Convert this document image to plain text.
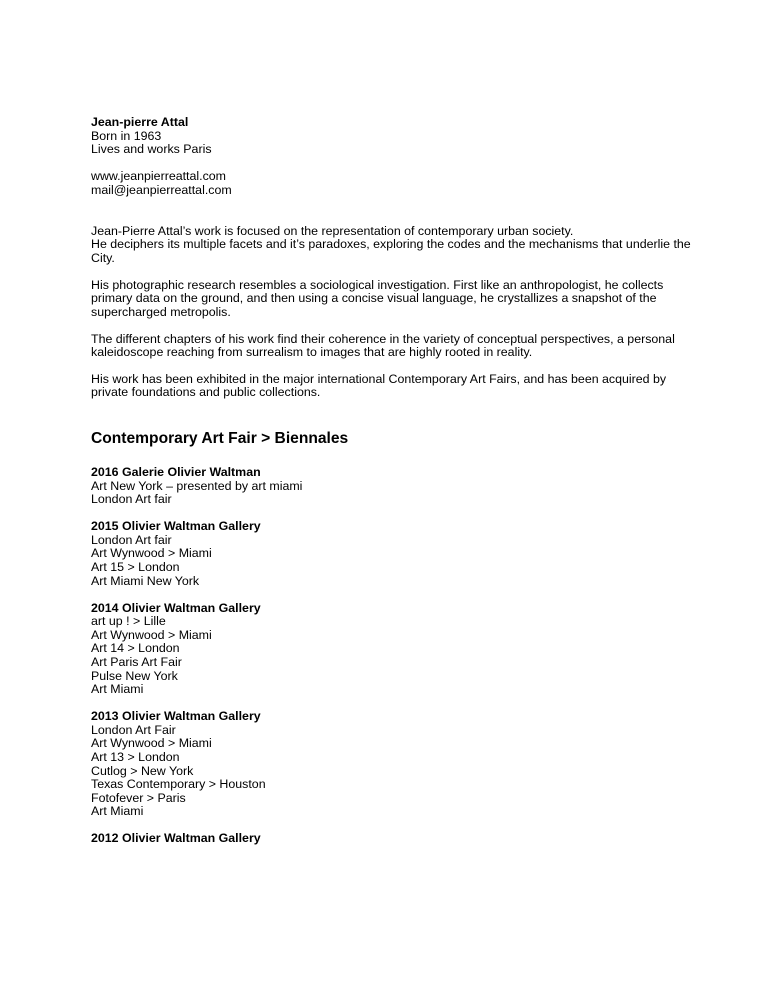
Jean-pierre Attal
Born in 1963
Lives and works Paris
www.jeanpierreattal.com
mail@jeanpierreattal.com

Jean-Pierre Attal’s work is focused on the representation of contemporary urban society.
He deciphers its multiple facets and it’s paradoxes, exploring the codes and the mechanisms that underlie the City.

His photographic research resembles a sociological investigation. First like an anthropologist, he collects primary data on the ground, and then using a concise visual language, he crystallizes a snapshot of the supercharged metropolis.

The different chapters of his work find their coherence in the variety of conceptual perspectives, a personal kaleidoscope reaching from surrealism to images that are highly rooted in reality.

His work has been exhibited in the major international Contemporary Art Fairs, and has been acquired by private foundations and public collections.

Contemporary Art Fair > Biennales
2016 Galerie Olivier Waltman
Art New York – presented by art miami
London Art fair
2015 Olivier Waltman Gallery
London Art fair
Art Wynwood > Miami
Art 15 > London
Art Miami New York
2014 Olivier Waltman Gallery
art up ! > Lille
Art Wynwood > Miami
Art 14 > London
Art Paris Art Fair
Pulse New York
Art Miami
2013 Olivier Waltman Gallery
London Art Fair
Art Wynwood > Miami
Art 13 > London
Cutlog > New York
Texas Contemporary > Houston
Fotofever > Paris
Art Miami
2012 Olivier Waltman Gallery
